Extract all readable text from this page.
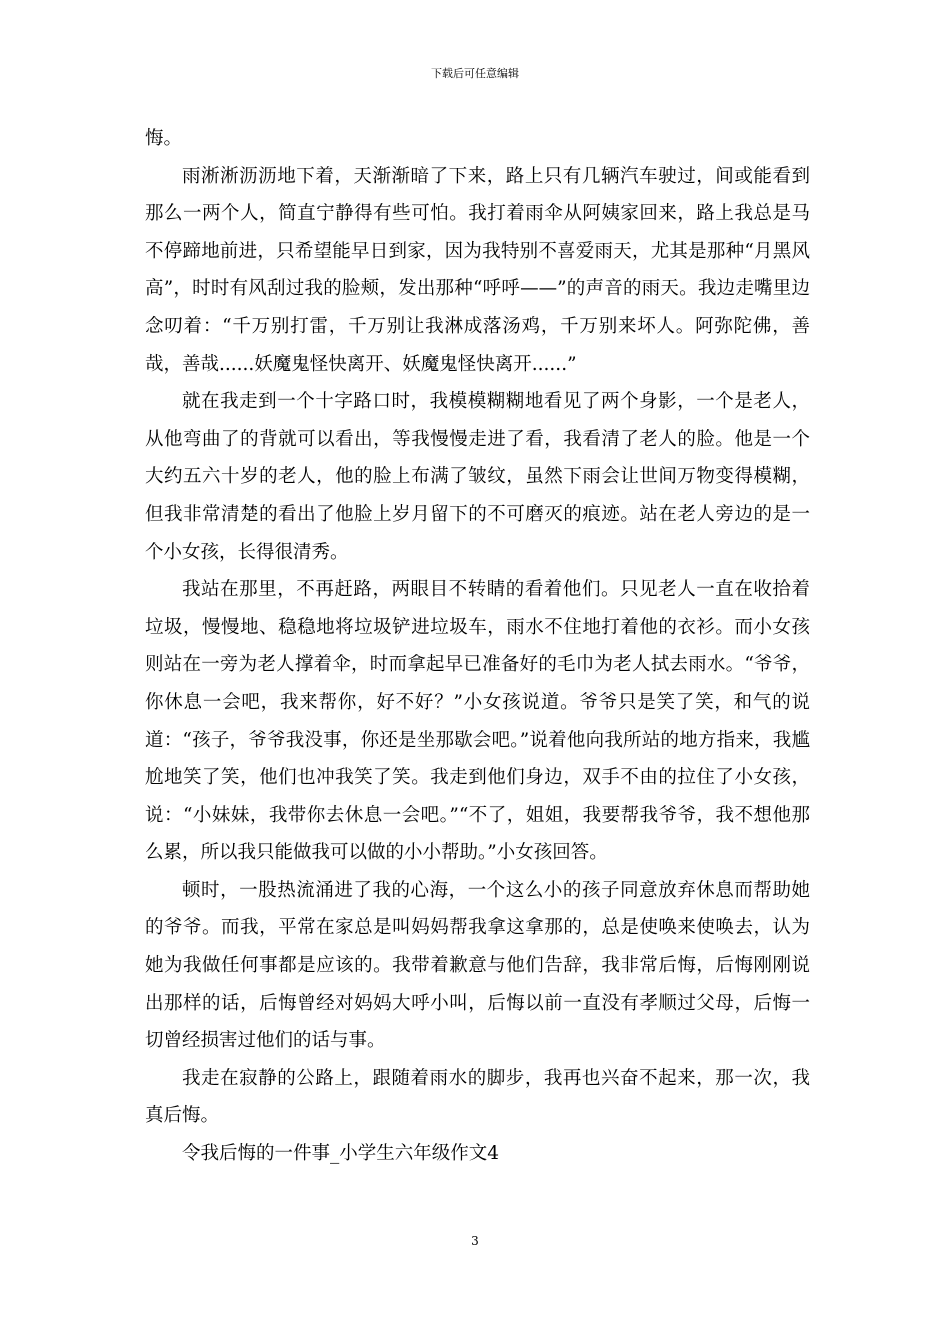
下载后可任意编辑

悔。

雨淅淅沥沥地下着，天渐渐暗了下来，路上只有几辆汽车驶过，间或能看到那么一两个人，简直宁静得有些可怕。我打着雨伞从阿姨家回来，路上我总是马不停蹄地前进，只希望能早日到家，因为我特别不喜爱雨天，尤其是那种“月黑风高”，时时有风刮过我的脸颊，发出那种“呼呼——”的声音的雨天。我边走嘴里边念叨着：“千万别打雷，千万别让我淋成落汤鸡，千万别来坏人。阿弥陀佛，善哉，善哉......妖魔鬼怪快离开、妖魔鬼怪快离开......”

就在我走到一个十字路口时，我模模糊糊地看见了两个身影，一个是老人，从他弯曲了的背就可以看出，等我慢慢走进了看，我看清了老人的脸。他是一个大约五六十岁的老人，他的脸上布满了皱纹，虽然下雨会让世间万物变得模糊，但我非常清楚的看出了他脸上岁月留下的不可磨灭的痕迹。站在老人旁边的是一个小女孩，长得很清秀。

我站在那里，不再赶路，两眼目不转睛的看着他们。只见老人一直在收拾着垃圾，慢慢地、稳稳地将垃圾铲进垃圾车，雨水不住地打着他的衣衫。而小女孩则站在一旁为老人撑着伞，时而拿起早已准备好的毛巾为老人拭去雨水。“爷爷，你休息一会吧，我来帮你，好不好？”小女孩说道。爷爷只是笑了笑，和气的说道：“孩子，爷爷我没事，你还是坐那歇会吧。”说着他向我所站的地方指来，我尴尬地笑了笑，他们也冲我笑了笑。我走到他们身边，双手不由的拉住了小女孩，说：“小妹妹，我带你去休息一会吧。”“不了，姐姐，我要帮我爷爷，我不想他那么累，所以我只能做我可以做的小小帮助。”小女孩回答。

顿时，一股热流涌进了我的心海，一个这么小的孩子同意放弃休息而帮助她的爷爷。而我，平常在家总是叫妈妈帮我拿这拿那的，总是使唤来使唤去，认为她为我做任何事都是应该的。我带着歉意与他们告辞，我非常后悔，后悔刚刚说出那样的话，后悔曾经对妈妈大呼小叫，后悔以前一直没有孝顺过父母，后悔一切曾经损害过他们的话与事。

我走在寂静的公路上，跟随着雨水的脚步，我再也兴奋不起来，那一次，我真后悔。

令我后悔的一件事_小学生六年级作文4

3
